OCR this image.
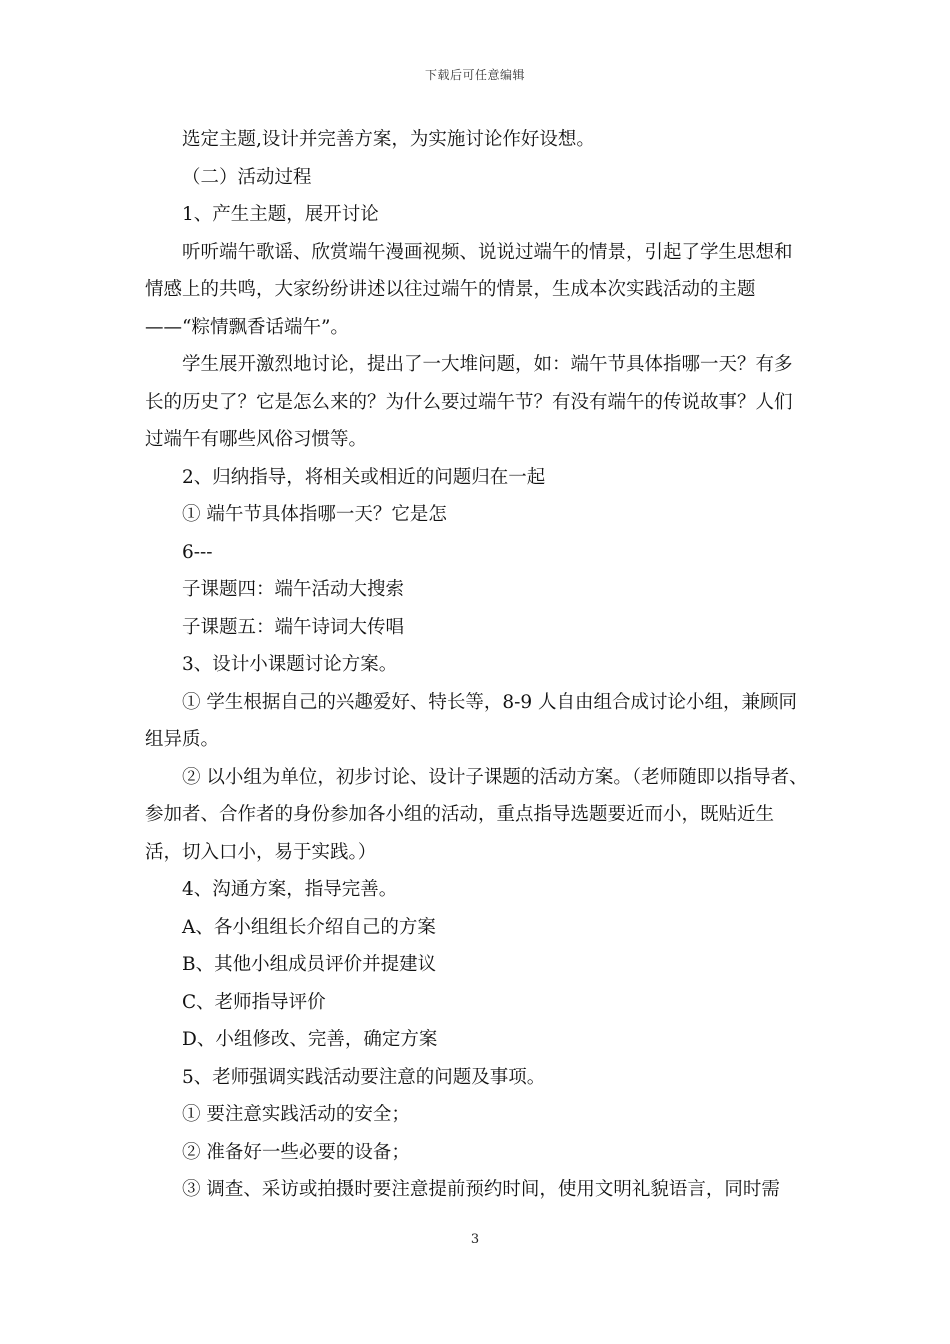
下载后可任意编辑

选定主题,设计并完善方案，为实施讨论作好设想。

（二）活动过程

1、产生主题，展开讨论

听听端午歌谣、欣赏端午漫画视频、说说过端午的情景，引起了学生思想和情感上的共鸣，大家纷纷讲述以往过端午的情景，生成本次实践活动的主题——“粽情飘香话端午”。

学生展开激烈地讨论，提出了一大堆问题，如：端午节具体指哪一天？有多长的历史了？它是怎么来的？为什么要过端午节？有没有端午的传说故事？人们过端午有哪些风俗习惯等。

2、归纳指导，将相关或相近的问题归在一起

① 端午节具体指哪一天？它是怎

6---

子课题四：端午活动大搜索

子课题五：端午诗词大传唱

3、设计小课题讨论方案。

① 学生根据自己的兴趣爱好、特长等，8-9 人自由组合成讨论小组，兼顾同组异质。

② 以小组为单位，初步讨论、设计子课题的活动方案。（老师随即以指导者、参加者、合作者的身份参加各小组的活动，重点指导选题要近而小，既贴近生活，切入口小，易于实践。）

4、沟通方案，指导完善。

A、各小组组长介绍自己的方案

B、其他小组成员评价并提建议

C、老师指导评价

D、小组修改、完善，确定方案

5、老师强调实践活动要注意的问题及事项。

① 要注意实践活动的安全；

② 准备好一些必要的设备；

③ 调查、采访或拍摄时要注意提前预约时间，使用文明礼貌语言，同时需

3
